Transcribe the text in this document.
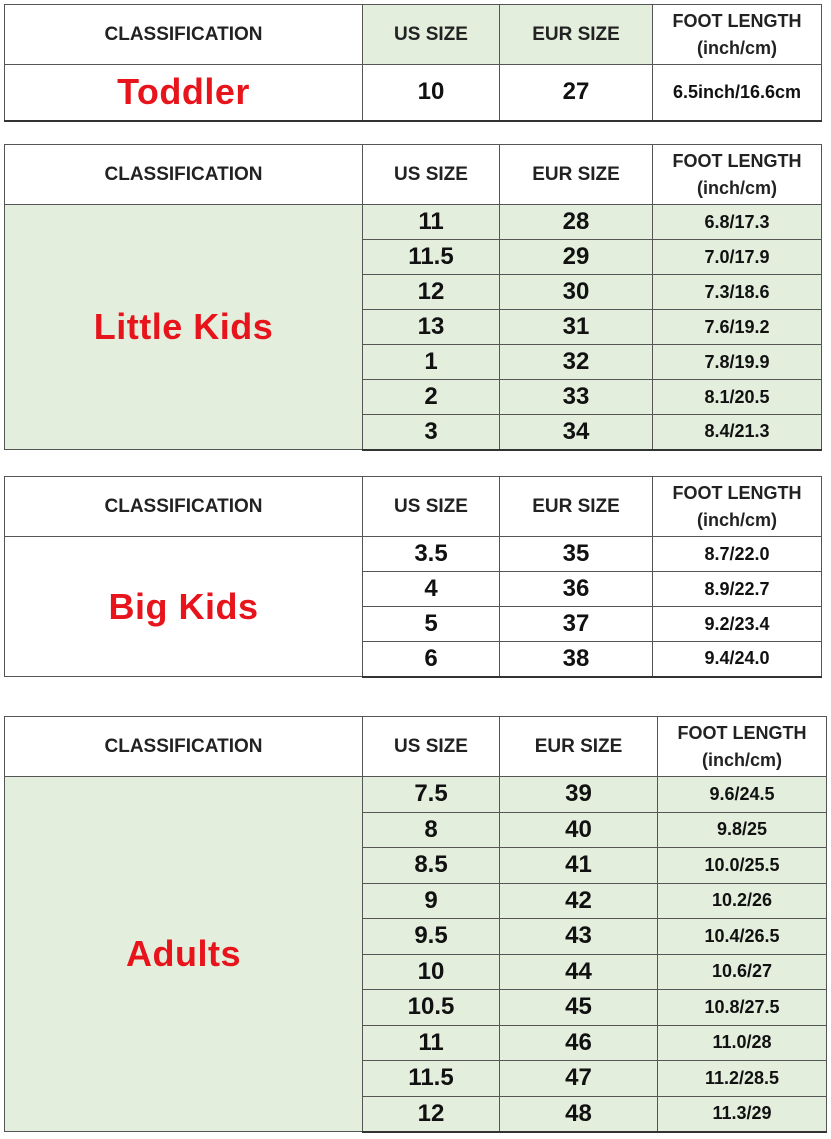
CLASSIFICATION	US SIZE	EUR SIZE	FOOT LENGTH
(inch/cm)

Toddler	10	27	6.5inch/16.6cm
CLASSIFICATION	US SIZE	EUR SIZE	FOOT LENGTH
(inch/cm)

Little Kids	11	28	6.8/17.3
	11.5	29	7.0/17.9
	12	30	7.3/18.6
	13	31	7.6/19.2
	1	32	7.8/19.9
	2	33	8.1/20.5
	3	34	8.4/21.3
CLASSIFICATION	US SIZE	EUR SIZE	FOOT LENGTH
(inch/cm)

Big Kids	3.5	35	8.7/22.0
	4	36	8.9/22.7
	5	37	9.2/23.4
	6	38	9.4/24.0
CLASSIFICATION	US SIZE	EUR SIZE	FOOT LENGTH
(inch/cm)

Adults	7.5	39	9.6/24.5
	8	40	9.8/25
	8.5	41	10.0/25.5
	9	42	10.2/26
	9.5	43	10.4/26.5
	10	44	10.6/27
	10.5	45	10.8/27.5
	11	46	11.0/28
	11.5	47	11.2/28.5
	12	48	11.3/29
